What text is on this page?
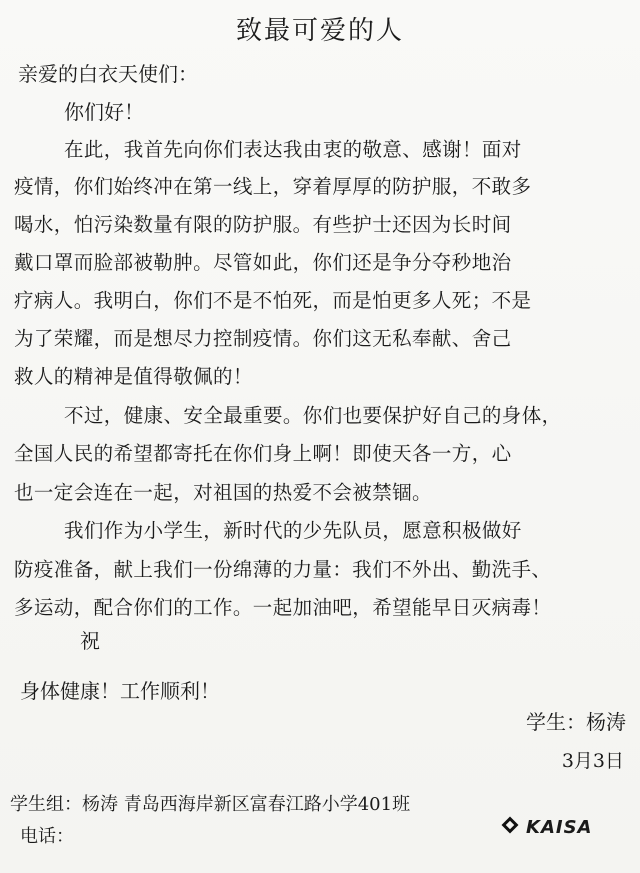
致最可爱的人
亲爱的白衣天使们：
你们好！
在此，我首先向你们表达我由衷的敬意、感谢！面对
疫情，你们始终冲在第一线上，穿着厚厚的防护服，不敢多
喝水，怕污染数量有限的防护服。有些护士还因为长时间
戴口罩而脸部被勒肿。尽管如此，你们还是争分夺秒地治
疗病人。我明白，你们不是不怕死，而是怕更多人死；不是
为了荣耀，而是想尽力控制疫情。你们这无私奉献、舍己
救人的精神是值得敬佩的！
不过，健康、安全最重要。你们也要保护好自己的身体，
全国人民的希望都寄托在你们身上啊！即使天各一方，心
也一定会连在一起，对祖国的热爱不会被禁锢。
我们作为小学生，新时代的少先队员，愿意积极做好
防疫准备，献上我们一份绵薄的力量：我们不外出、勤洗手、
多运动，配合你们的工作。一起加油吧，希望能早日灭病毒！
祝
身体健康！工作顺利！
学生：杨涛
3月3日
学生组：杨涛 青岛西海岸新区富春江路小学401班
电话：	KAISA
